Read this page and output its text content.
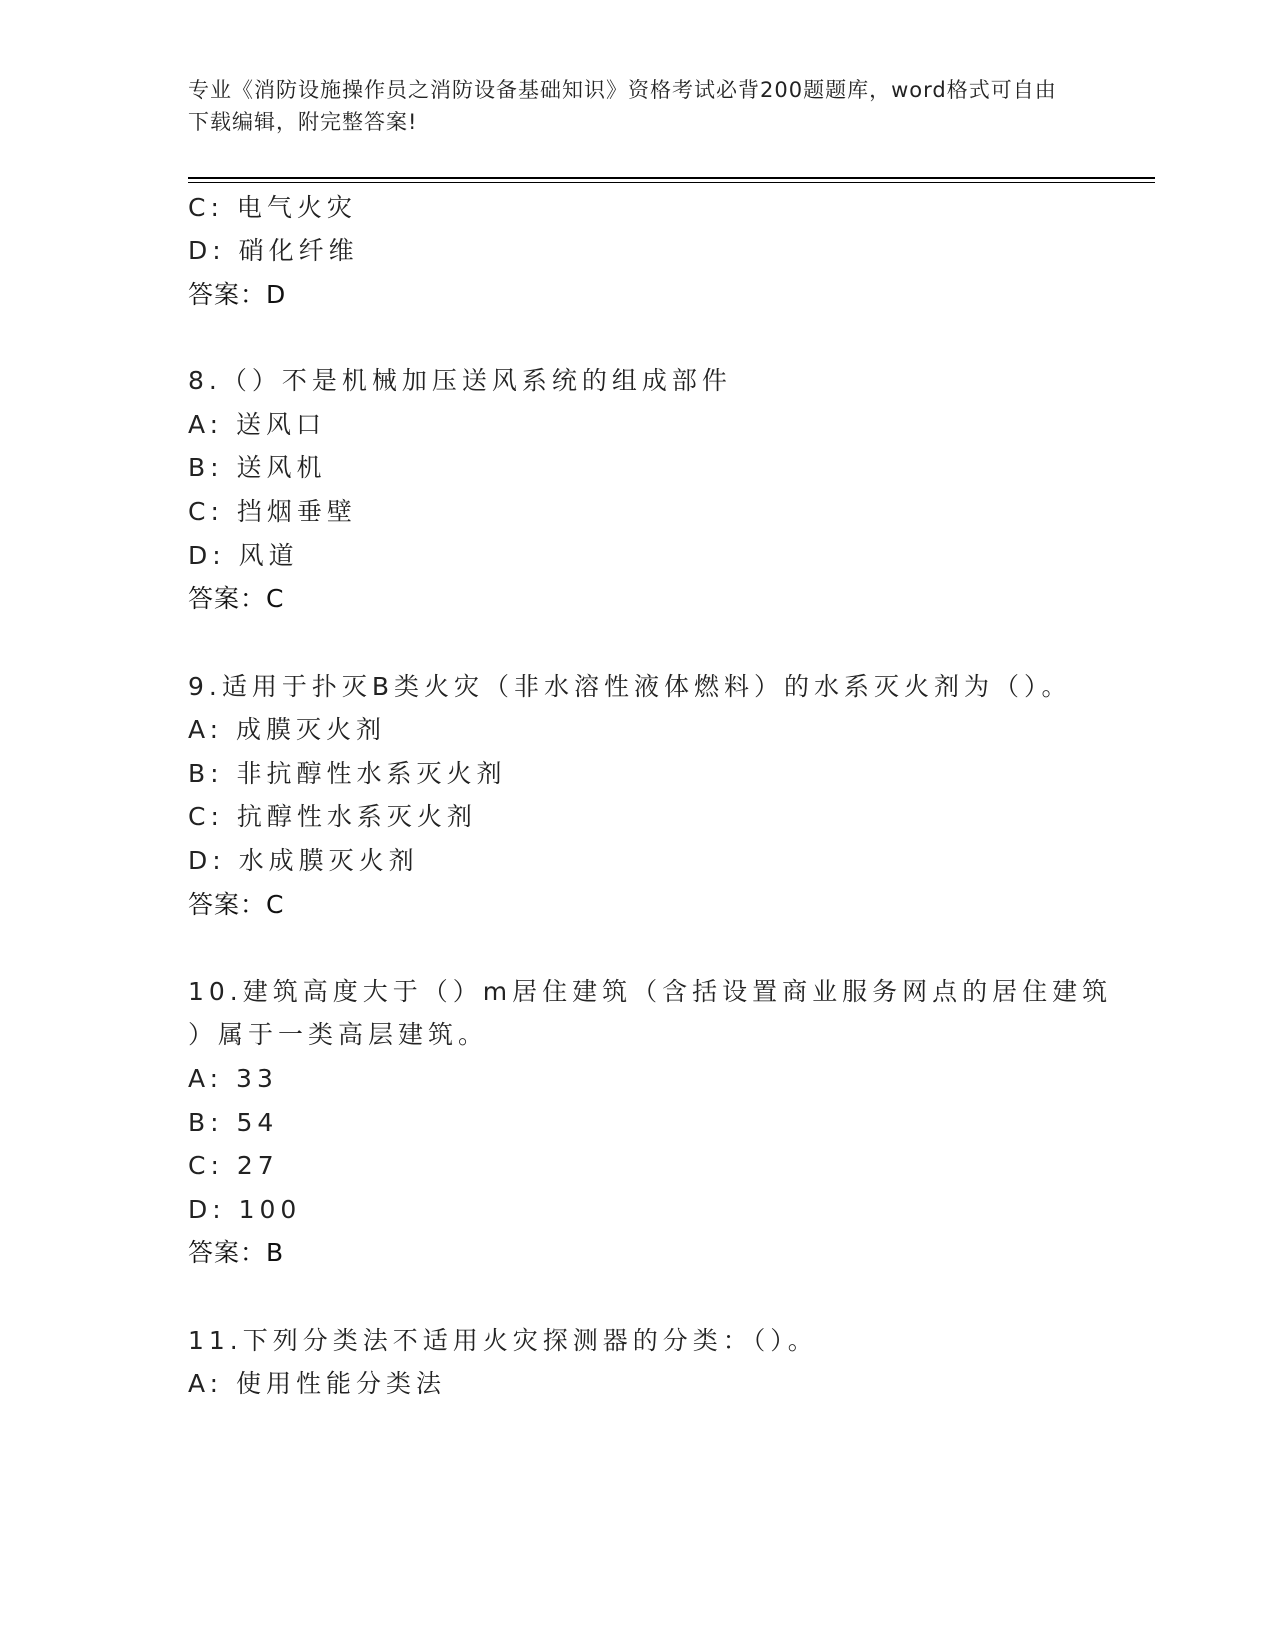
专业《消防设施操作员之消防设备基础知识》资格考试必背200题题库，word格式可自由下载编辑，附完整答案!
C: 电气火灾
D: 硝化纤维
答案：D
8.（）不是机械加压送风系统的组成部件
A: 送风口
B: 送风机
C: 挡烟垂壁
D: 风道
答案：C
9.适用于扑灭B类火灾（非水溶性液体燃料）的水系灭火剂为（）。
A: 成膜灭火剂
B: 非抗醇性水系灭火剂
C: 抗醇性水系灭火剂
D: 水成膜灭火剂
答案：C
10.建筑高度大于（）m居住建筑（含括设置商业服务网点的居住建筑
）属于一类高层建筑。
A: 33
B: 54
C: 27
D: 100
答案：B
11.下列分类法不适用火灾探测器的分类：（）。
A: 使用性能分类法
